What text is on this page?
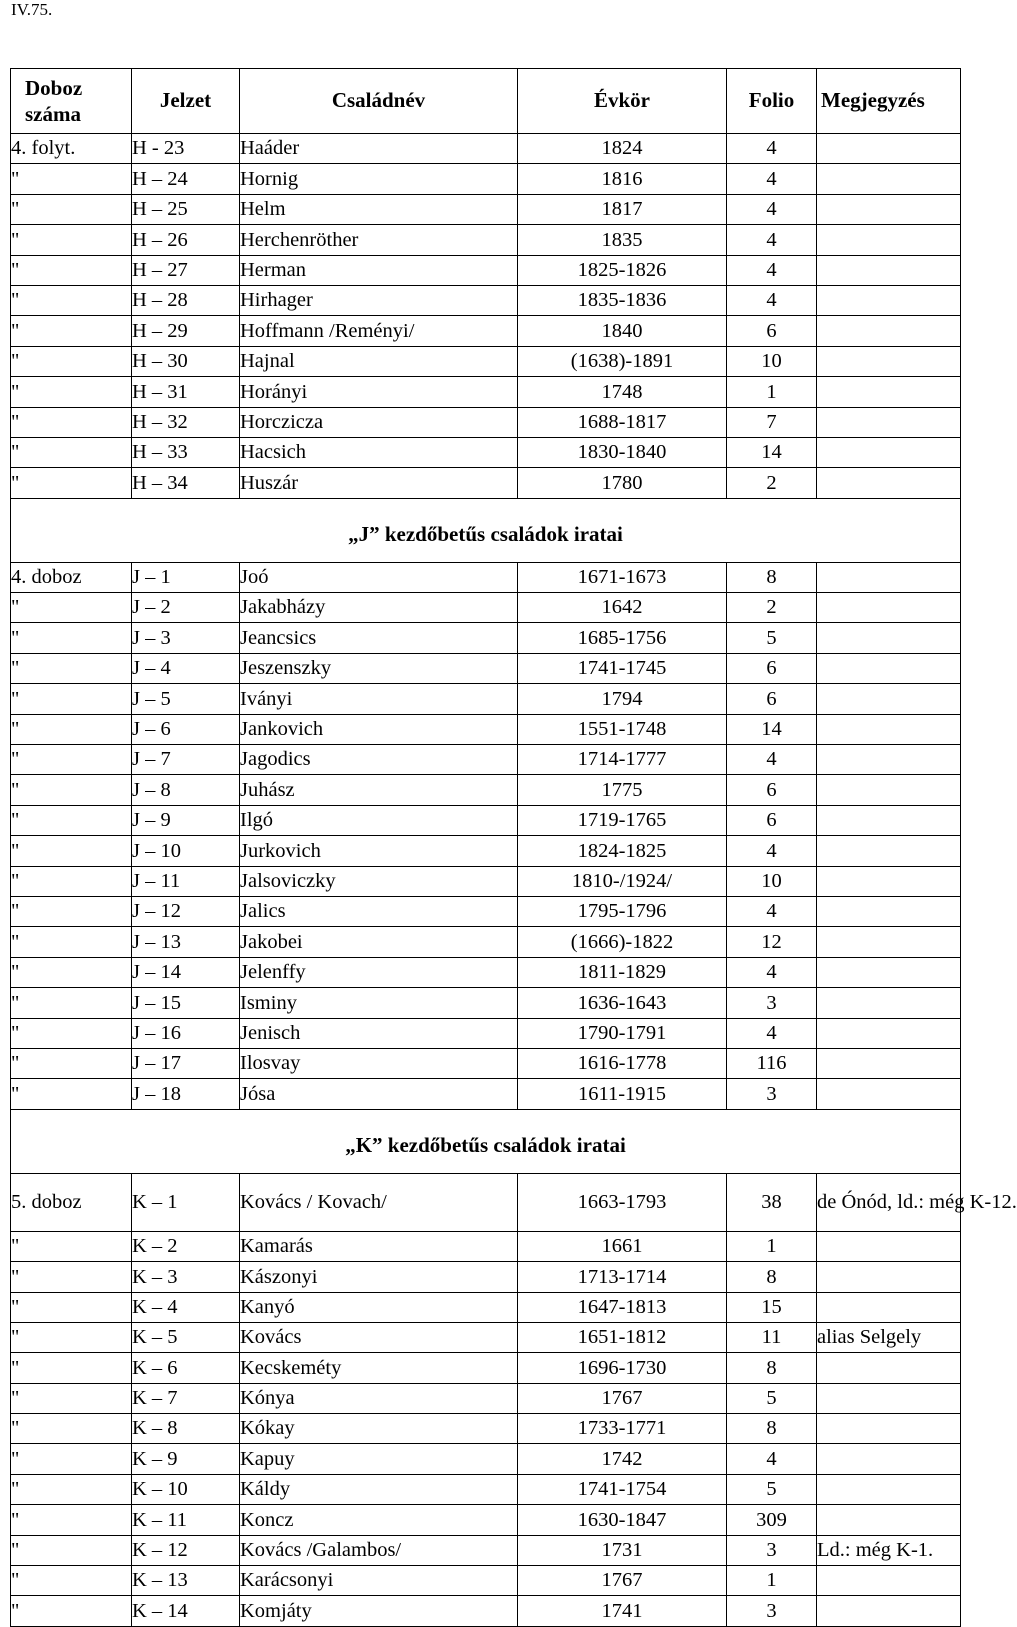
IV.75.
Doboz száma	Jelzet	Családnév	Évkör	Folio	Megjegyzés
4. folyt.	H - 23	Haáder	1824	4	
"	H – 24	Hornig	1816	4	
"	H – 25	Helm	1817	4	
"	H – 26	Herchenröther	1835	4	
"	H – 27	Herman	1825-1826	4	
"	H – 28	Hirhager	1835-1836	4	
"	H – 29	Hoffmann /Reményi/	1840	6	
"	H – 30	Hajnal	(1638)-1891	10	
"	H – 31	Horányi	1748	1	
"	H – 32	Horczicza	1688-1817	7	
"	H – 33	Hacsich	1830-1840	14	
"	H – 34	Huszár	1780	2	
„J” kezdőbetűs családok iratai					
4. doboz	J – 1	Joó	1671-1673	8	
"	J – 2	Jakabházy	1642	2	
"	J – 3	Jeancsics	1685-1756	5	
"	J – 4	Jeszenszky	1741-1745	6	
"	J – 5	Iványi	1794	6	
"	J – 6	Jankovich	1551-1748	14	
"	J – 7	Jagodics	1714-1777	4	
"	J – 8	Juhász	1775	6	
"	J – 9	Ilgó	1719-1765	6	
"	J – 10	Jurkovich	1824-1825	4	
"	J – 11	Jalsoviczky	1810-/1924/	10	
"	J – 12	Jalics	1795-1796	4	
"	J – 13	Jakobei	(1666)-1822	12	
"	J – 14	Jelenffy	1811-1829	4	
"	J – 15	Isminy	1636-1643	3	
"	J – 16	Jenisch	1790-1791	4	
"	J – 17	Ilosvay	1616-1778	116	
"	J – 18	Jósa	1611-1915	3	
„K” kezdőbetűs családok iratai					
5. doboz	K – 1	Kovács / Kovach/	1663-1793	38	de Ónód, ld.: még K-12.
"	K – 2	Kamarás	1661	1	
"	K – 3	Kászonyi	1713-1714	8	
"	K – 4	Kanyó	1647-1813	15	
"	K – 5	Kovács	1651-1812	11	alias Selgely
"	K – 6	Kecskeméty	1696-1730	8	
"	K – 7	Kónya	1767	5	
"	K – 8	Kókay	1733-1771	8	
"	K – 9	Kapuy	1742	4	
"	K – 10	Káldy	1741-1754	5	
"	K – 11	Koncz	1630-1847	309	
"	K – 12	Kovács /Galambos/	1731	3	Ld.: még K-1.
"	K – 13	Karácsonyi	1767	1	
"	K – 14	Komjáty	1741	3	
